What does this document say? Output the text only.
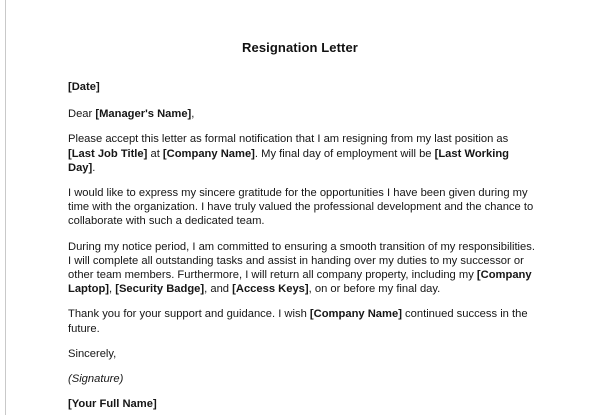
Resignation Letter

[Date]

Dear [Manager's Name],

Please accept this letter as formal notification that I am resigning from my last position as [Last Job Title] at [Company Name]. My final day of employment will be [Last Working Day].

I would like to express my sincere gratitude for the opportunities I have been given during my time with the organization. I have truly valued the professional development and the chance to collaborate with such a dedicated team.

During my notice period, I am committed to ensuring a smooth transition of my responsibilities. I will complete all outstanding tasks and assist in handing over my duties to my successor or other team members. Furthermore, I will return all company property, including my [Company Laptop], [Security Badge], and [Access Keys], on or before my final day.

Thank you for your support and guidance. I wish [Company Name] continued success in the future.

Sincerely,

(Signature)

[Your Full Name]
